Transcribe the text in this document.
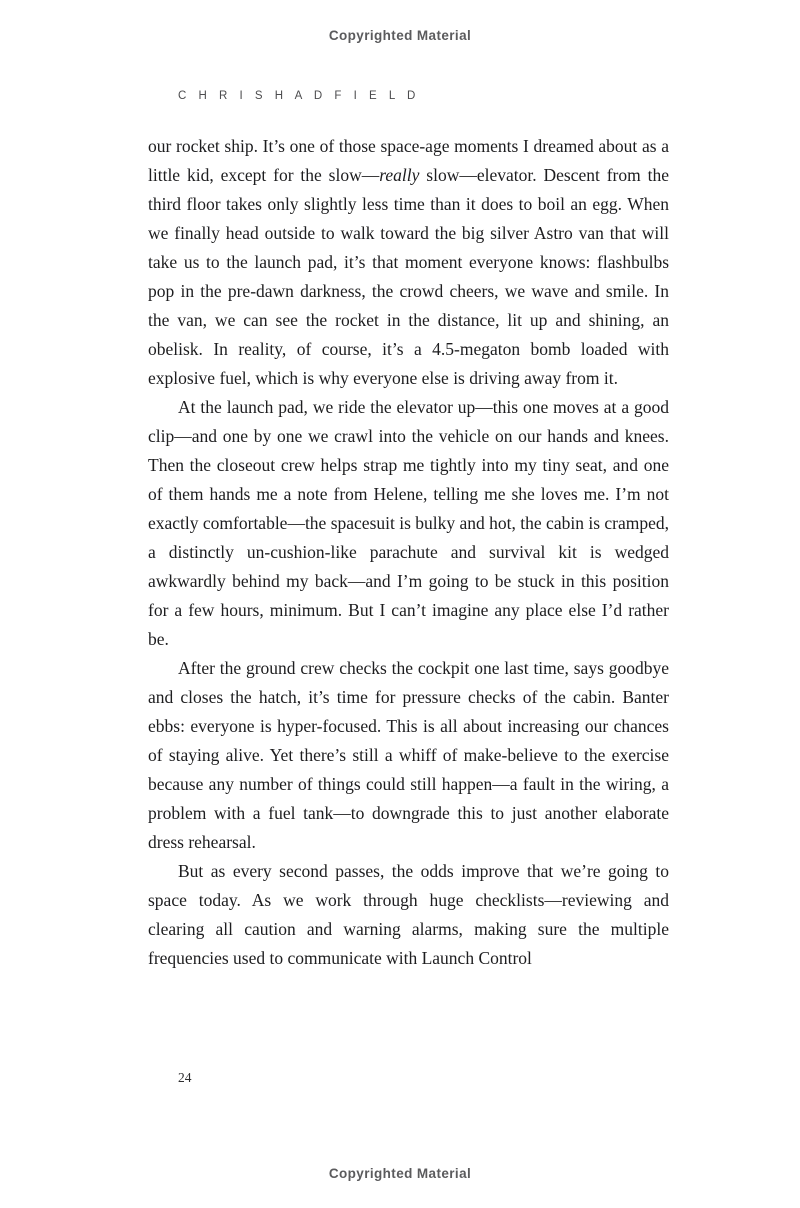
Copyrighted Material
C H R I S H A D F I E L D

our rocket ship. It’s one of those space-age moments I dreamed about as a little kid, except for the slow—really slow—elevator. Descent from the third floor takes only slightly less time than it does to boil an egg. When we finally head outside to walk toward the big silver Astro van that will take us to the launch pad, it’s that moment everyone knows: flashbulbs pop in the pre-dawn darkness, the crowd cheers, we wave and smile. In the van, we can see the rocket in the distance, lit up and shining, an obelisk. In reality, of course, it’s a 4.5-megaton bomb loaded with explosive fuel, which is why everyone else is driving away from it.

At the launch pad, we ride the elevator up—this one moves at a good clip—and one by one we crawl into the vehicle on our hands and knees. Then the closeout crew helps strap me tightly into my tiny seat, and one of them hands me a note from Helene, telling me she loves me. I’m not exactly comfortable—the spacesuit is bulky and hot, the cabin is cramped, a distinctly un-cushion-like parachute and survival kit is wedged awkwardly behind my back—and I’m going to be stuck in this position for a few hours, minimum. But I can’t imagine any place else I’d rather be.

After the ground crew checks the cockpit one last time, says goodbye and closes the hatch, it’s time for pressure checks of the cabin. Banter ebbs: everyone is hyper-focused. This is all about increasing our chances of staying alive. Yet there’s still a whiff of make-believe to the exercise because any number of things could still happen—a fault in the wiring, a problem with a fuel tank—to downgrade this to just another elaborate dress rehearsal.

But as every second passes, the odds improve that we’re going to space today. As we work through huge checklists—reviewing and clearing all caution and warning alarms, making sure the multiple frequencies used to communicate with Launch Control

24
Copyrighted Material
